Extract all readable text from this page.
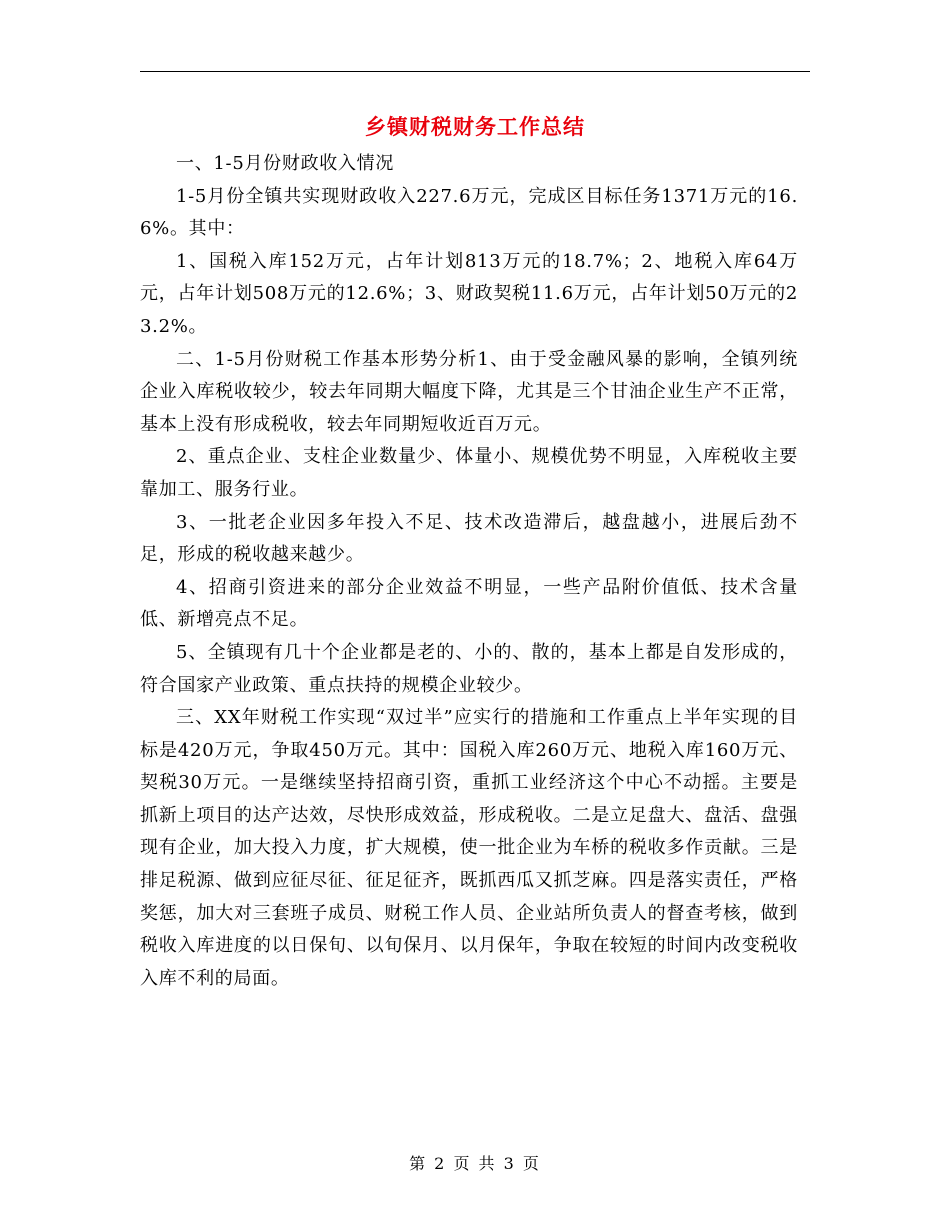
乡镇财税财务工作总结

一、1-5月份财政收入情况

1-5月份全镇共实现财政收入227.6万元，完成区目标任务1371万元的16.6%。其中：

1、国税入库152万元，占年计划813万元的18.7%；2、地税入库64万元，占年计划508万元的12.6%；3、财政契税11.6万元，占年计划50万元的23.2%。

二、1-5月份财税工作基本形势分析1、由于受金融风暴的影响，全镇列统企业入库税收较少，较去年同期大幅度下降，尤其是三个甘油企业生产不正常，基本上没有形成税收，较去年同期短收近百万元。

2、重点企业、支柱企业数量少、体量小、规模优势不明显，入库税收主要靠加工、服务行业。

3、一批老企业因多年投入不足、技术改造滞后，越盘越小，进展后劲不足，形成的税收越来越少。

4、招商引资进来的部分企业效益不明显，一些产品附价值低、技术含量低、新增亮点不足。

5、全镇现有几十个企业都是老的、小的、散的，基本上都是自发形成的，符合国家产业政策、重点扶持的规模企业较少。

三、XX年财税工作实现“双过半”应实行的措施和工作重点上半年实现的目标是420万元，争取450万元。其中：国税入库260万元、地税入库160万元、契税30万元。一是继续坚持招商引资，重抓工业经济这个中心不动摇。主要是抓新上项目的达产达效，尽快形成效益，形成税收。二是立足盘大、盘活、盘强现有企业，加大投入力度，扩大规模，使一批企业为车桥的税收多作贡献。三是排足税源、做到应征尽征、征足征齐，既抓西瓜又抓芝麻。四是落实责任，严格奖惩，加大对三套班子成员、财税工作人员、企业站所负责人的督查考核，做到税收入库进度的以日保旬、以旬保月、以月保年，争取在较短的时间内改变税收入库不利的局面。

第 2 页 共 3 页
